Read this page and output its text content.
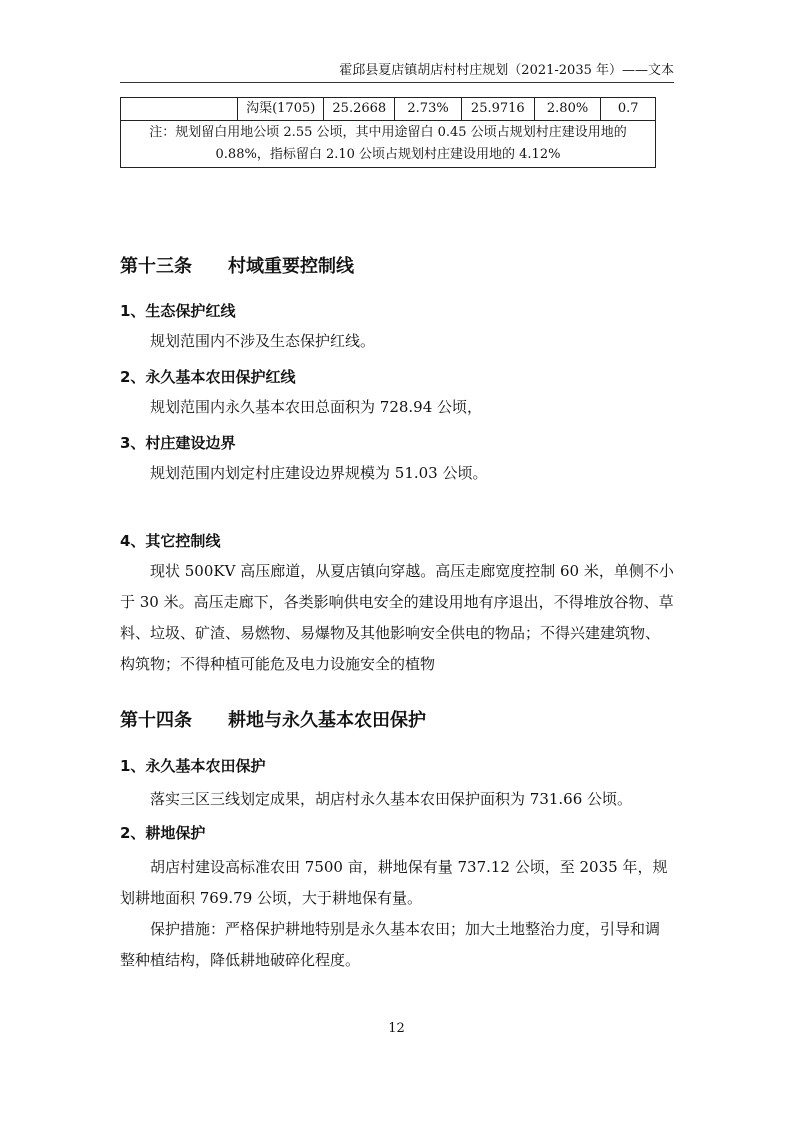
霍邱县夏店镇胡店村村庄规划（2021-2035 年）——文本
	沟渠(1705)	25.2668	2.73%	25.9716	2.80%	0.7
注：规划留白用地公顷 2.55 公顷，其中用途留白 0.45 公顷占规划村庄建设用地的 0.88%，指标留白 2.10 公顷占规划村庄建设用地的 4.12%
第十三条 村域重要控制线
1、生态保护红线
规划范围内不涉及生态保护红线。
2、永久基本农田保护红线
规划范围内永久基本农田总面积为 728.94 公顷，
3、村庄建设边界
规划范围内划定村庄建设边界规模为 51.03 公顷。
4、其它控制线
现状 500KV 高压廊道，从夏店镇向穿越。高压走廊宽度控制 60 米，单侧不小于 30 米。高压走廊下，各类影响供电安全的建设用地有序退出，不得堆放谷物、草料、垃圾、矿渣、易燃物、易爆物及其他影响安全供电的物品；不得兴建建筑物、构筑物；不得种植可能危及电力设施安全的植物
第十四条 耕地与永久基本农田保护
1、永久基本农田保护
落实三区三线划定成果，胡店村永久基本农田保护面积为 731.66 公顷。
2、耕地保护
胡店村建设高标准农田 7500 亩，耕地保有量 737.12 公顷，至 2035 年，规划耕地面积 769.79 公顷，大于耕地保有量。
保护措施：严格保护耕地特别是永久基本农田；加大土地整治力度，引导和调整种植结构，降低耕地破碎化程度。
12
